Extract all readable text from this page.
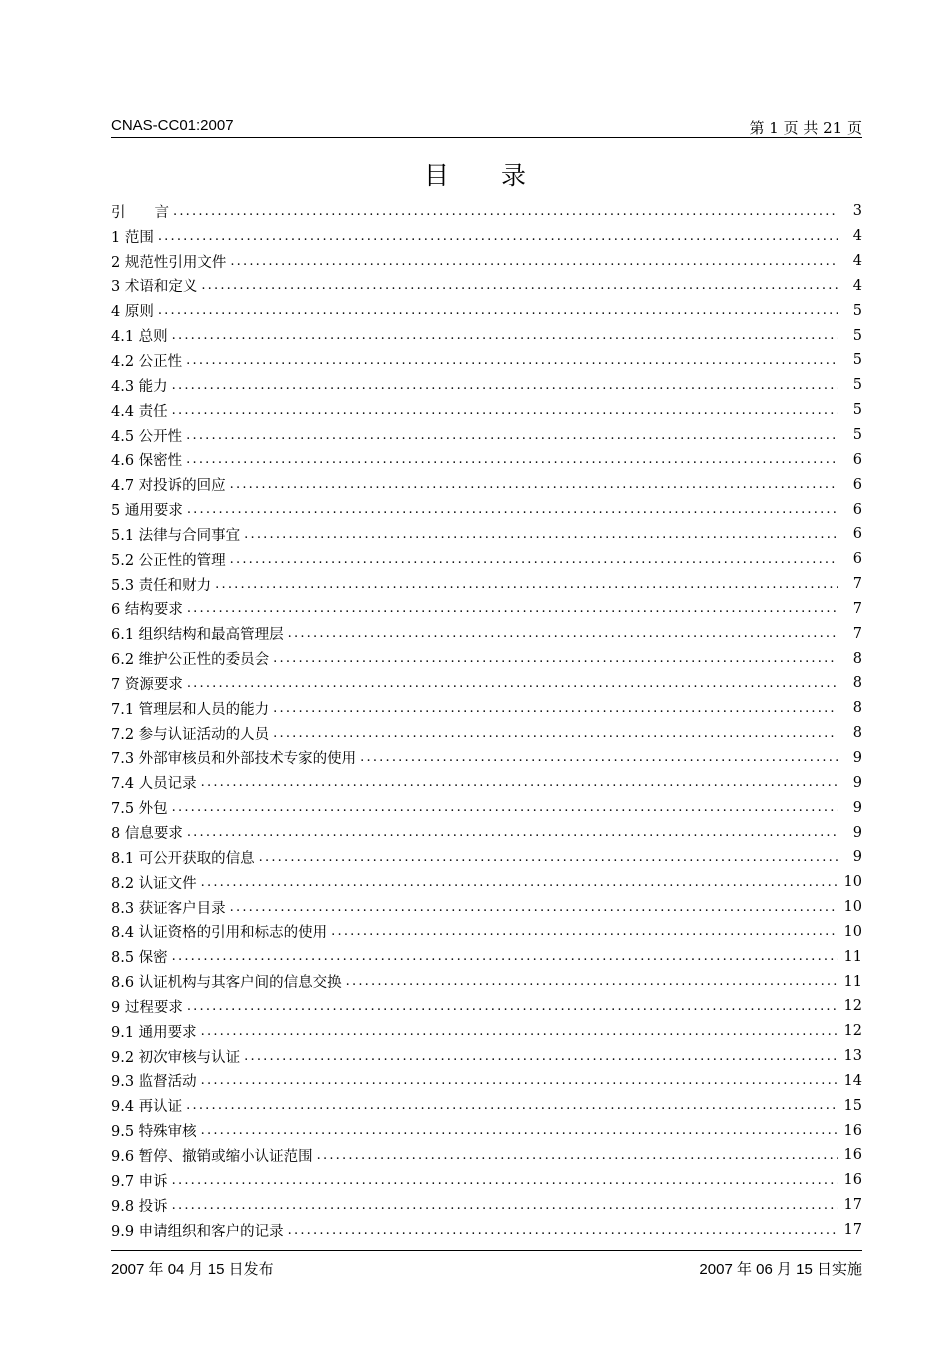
CNAS-CC01:2007	第 1 页 共 21 页
目录
引　　言 .....	3
1 范围 .....	4
2 规范性引用文件 .....	4
3 术语和定义 .....	4
4 原则 .....	5
4.1 总则 .....	5
4.2 公正性 .....	5
4.3 能力 .....	5
4.4 责任 .....	5
4.5 公开性 .....	5
4.6 保密性 .....	6
4.7 对投诉的回应 .....	6
5 通用要求 .....	6
5.1 法律与合同事宜 .....	6
5.2 公正性的管理 .....	6
5.3 责任和财力 .....	7
6 结构要求 .....	7
6.1 组织结构和最高管理层 .....	7
6.2 维护公正性的委员会 .....	8
7 资源要求 .....	8
7.1 管理层和人员的能力 .....	8
7.2 参与认证活动的人员 .....	8
7.3 外部审核员和外部技术专家的使用 .....	9
7.4 人员记录 .....	9
7.5 外包 .....	9
8 信息要求 .....	9
8.1 可公开获取的信息 .....	9
8.2 认证文件 .....	10
8.3 获证客户目录 .....	10
8.4 认证资格的引用和标志的使用 .....	10
8.5 保密 .....	11
8.6 认证机构与其客户间的信息交换 .....	11
9 过程要求 .....	12
9.1 通用要求 .....	12
9.2 初次审核与认证 .....	13
9.3 监督活动 .....	14
9.4 再认证 .....	15
9.5 特殊审核 .....	16
9.6 暂停、撤销或缩小认证范围 .....	16
9.7 申诉 .....	16
9.8 投诉 .....	17
9.9 申请组织和客户的记录 .....	17
2007 年 04 月 15 日发布	2007 年 06 月 15 日实施
